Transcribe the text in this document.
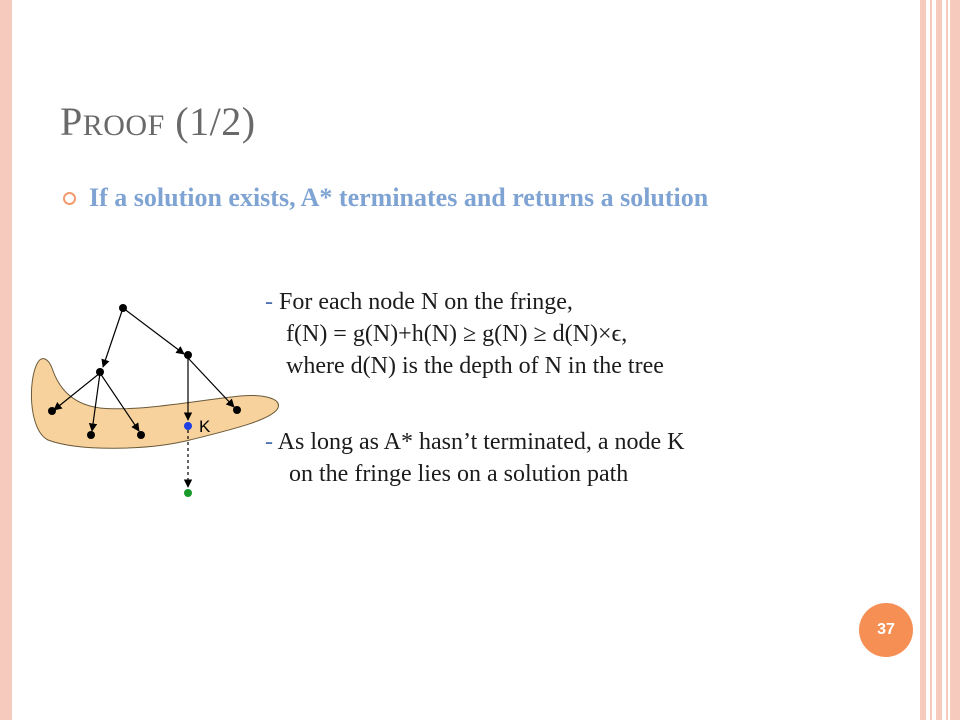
PROOF (1/2)
If a solution exists, A* terminates and returns a solution
- For each node N on the fringe,
f(N) = g(N)+h(N) ≥ g(N) ≥ d(N)×ϵ,
where d(N) is the depth of N in the tree
- As long as A* hasn’t terminated, a node K
on the fringe lies on a solution path
K
37
